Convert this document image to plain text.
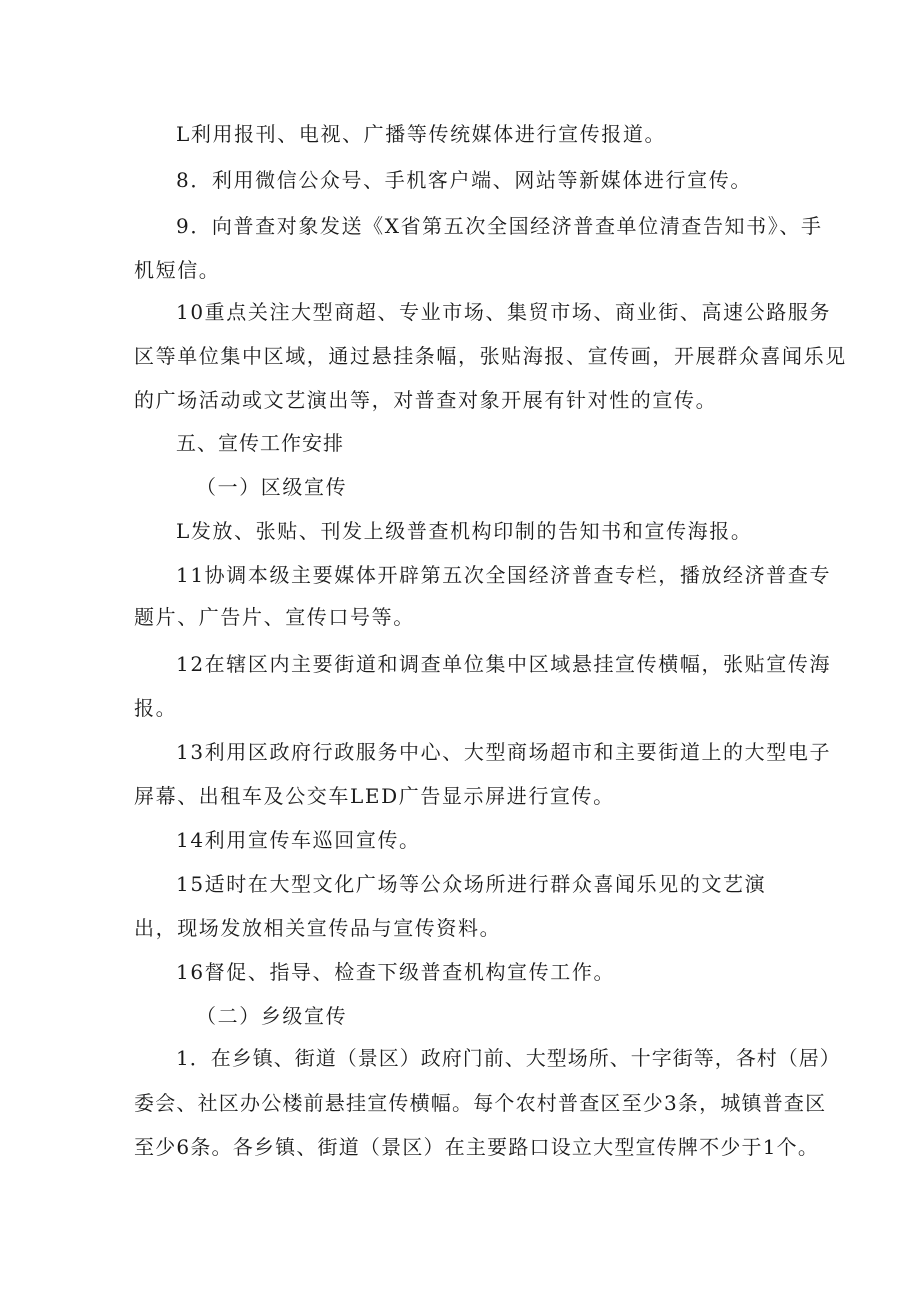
L利用报刊、电视、广播等传统媒体进行宣传报道。
8．利用微信公众号、手机客户端、网站等新媒体进行宣传。
9．向普查对象发送《X省第五次全国经济普查单位清查告知书》、手
机短信。
10重点关注大型商超、专业市场、集贸市场、商业街、高速公路服务
区等单位集中区域，通过悬挂条幅，张贴海报、宣传画，开展群众喜闻乐见
的广场活动或文艺演出等，对普查对象开展有针对性的宣传。
五、宣传工作安排
（一）区级宣传
L发放、张贴、刊发上级普查机构印制的告知书和宣传海报。
11协调本级主要媒体开辟第五次全国经济普查专栏，播放经济普查专
题片、广告片、宣传口号等。
12在辖区内主要街道和调查单位集中区域悬挂宣传横幅，张贴宣传海
报。
13利用区政府行政服务中心、大型商场超市和主要街道上的大型电子
屏幕、出租车及公交车LED广告显示屏进行宣传。
14利用宣传车巡回宣传。
15适时在大型文化广场等公众场所进行群众喜闻乐见的文艺演
出，现场发放相关宣传品与宣传资料。
16督促、指导、检查下级普查机构宣传工作。
（二）乡级宣传
1．在乡镇、街道（景区）政府门前、大型场所、十字街等，各村（居）
委会、社区办公楼前悬挂宣传横幅。每个农村普查区至少3条，城镇普查区
至少6条。各乡镇、街道（景区）在主要路口设立大型宣传牌不少于1个。
